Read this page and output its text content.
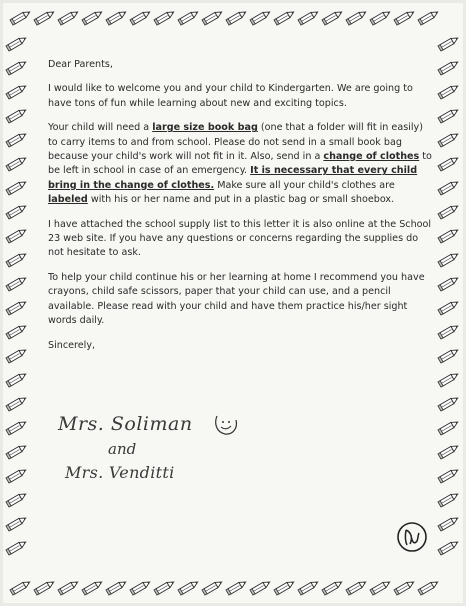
Dear Parents,

I would like to welcome you and your child to Kindergarten. We are going to have tons of fun while learning about new and exciting topics.

Your child will need a large size book bag (one that a folder will fit in easily) to carry items to and from school. Please do not send in a small book bag because your child's work will not fit in it. Also, send in a change of clothes to be left in school in case of an emergency. It is necessary that every child bring in the change of clothes. Make sure all your child's clothes are labeled with his or her name and put in a plastic bag or small shoebox.

I have attached the school supply list to this letter it is also online at the School 23 web site. If you have any questions or concerns regarding the supplies do not hesitate to ask.

To help your child continue his or her learning at home I recommend you have crayons, child safe scissors, paper that your child can use, and a pencil available. Please read with your child and have them practice his/her sight words daily.

Sincerely,

Mrs. Soliman
and
Mrs. Venditti
